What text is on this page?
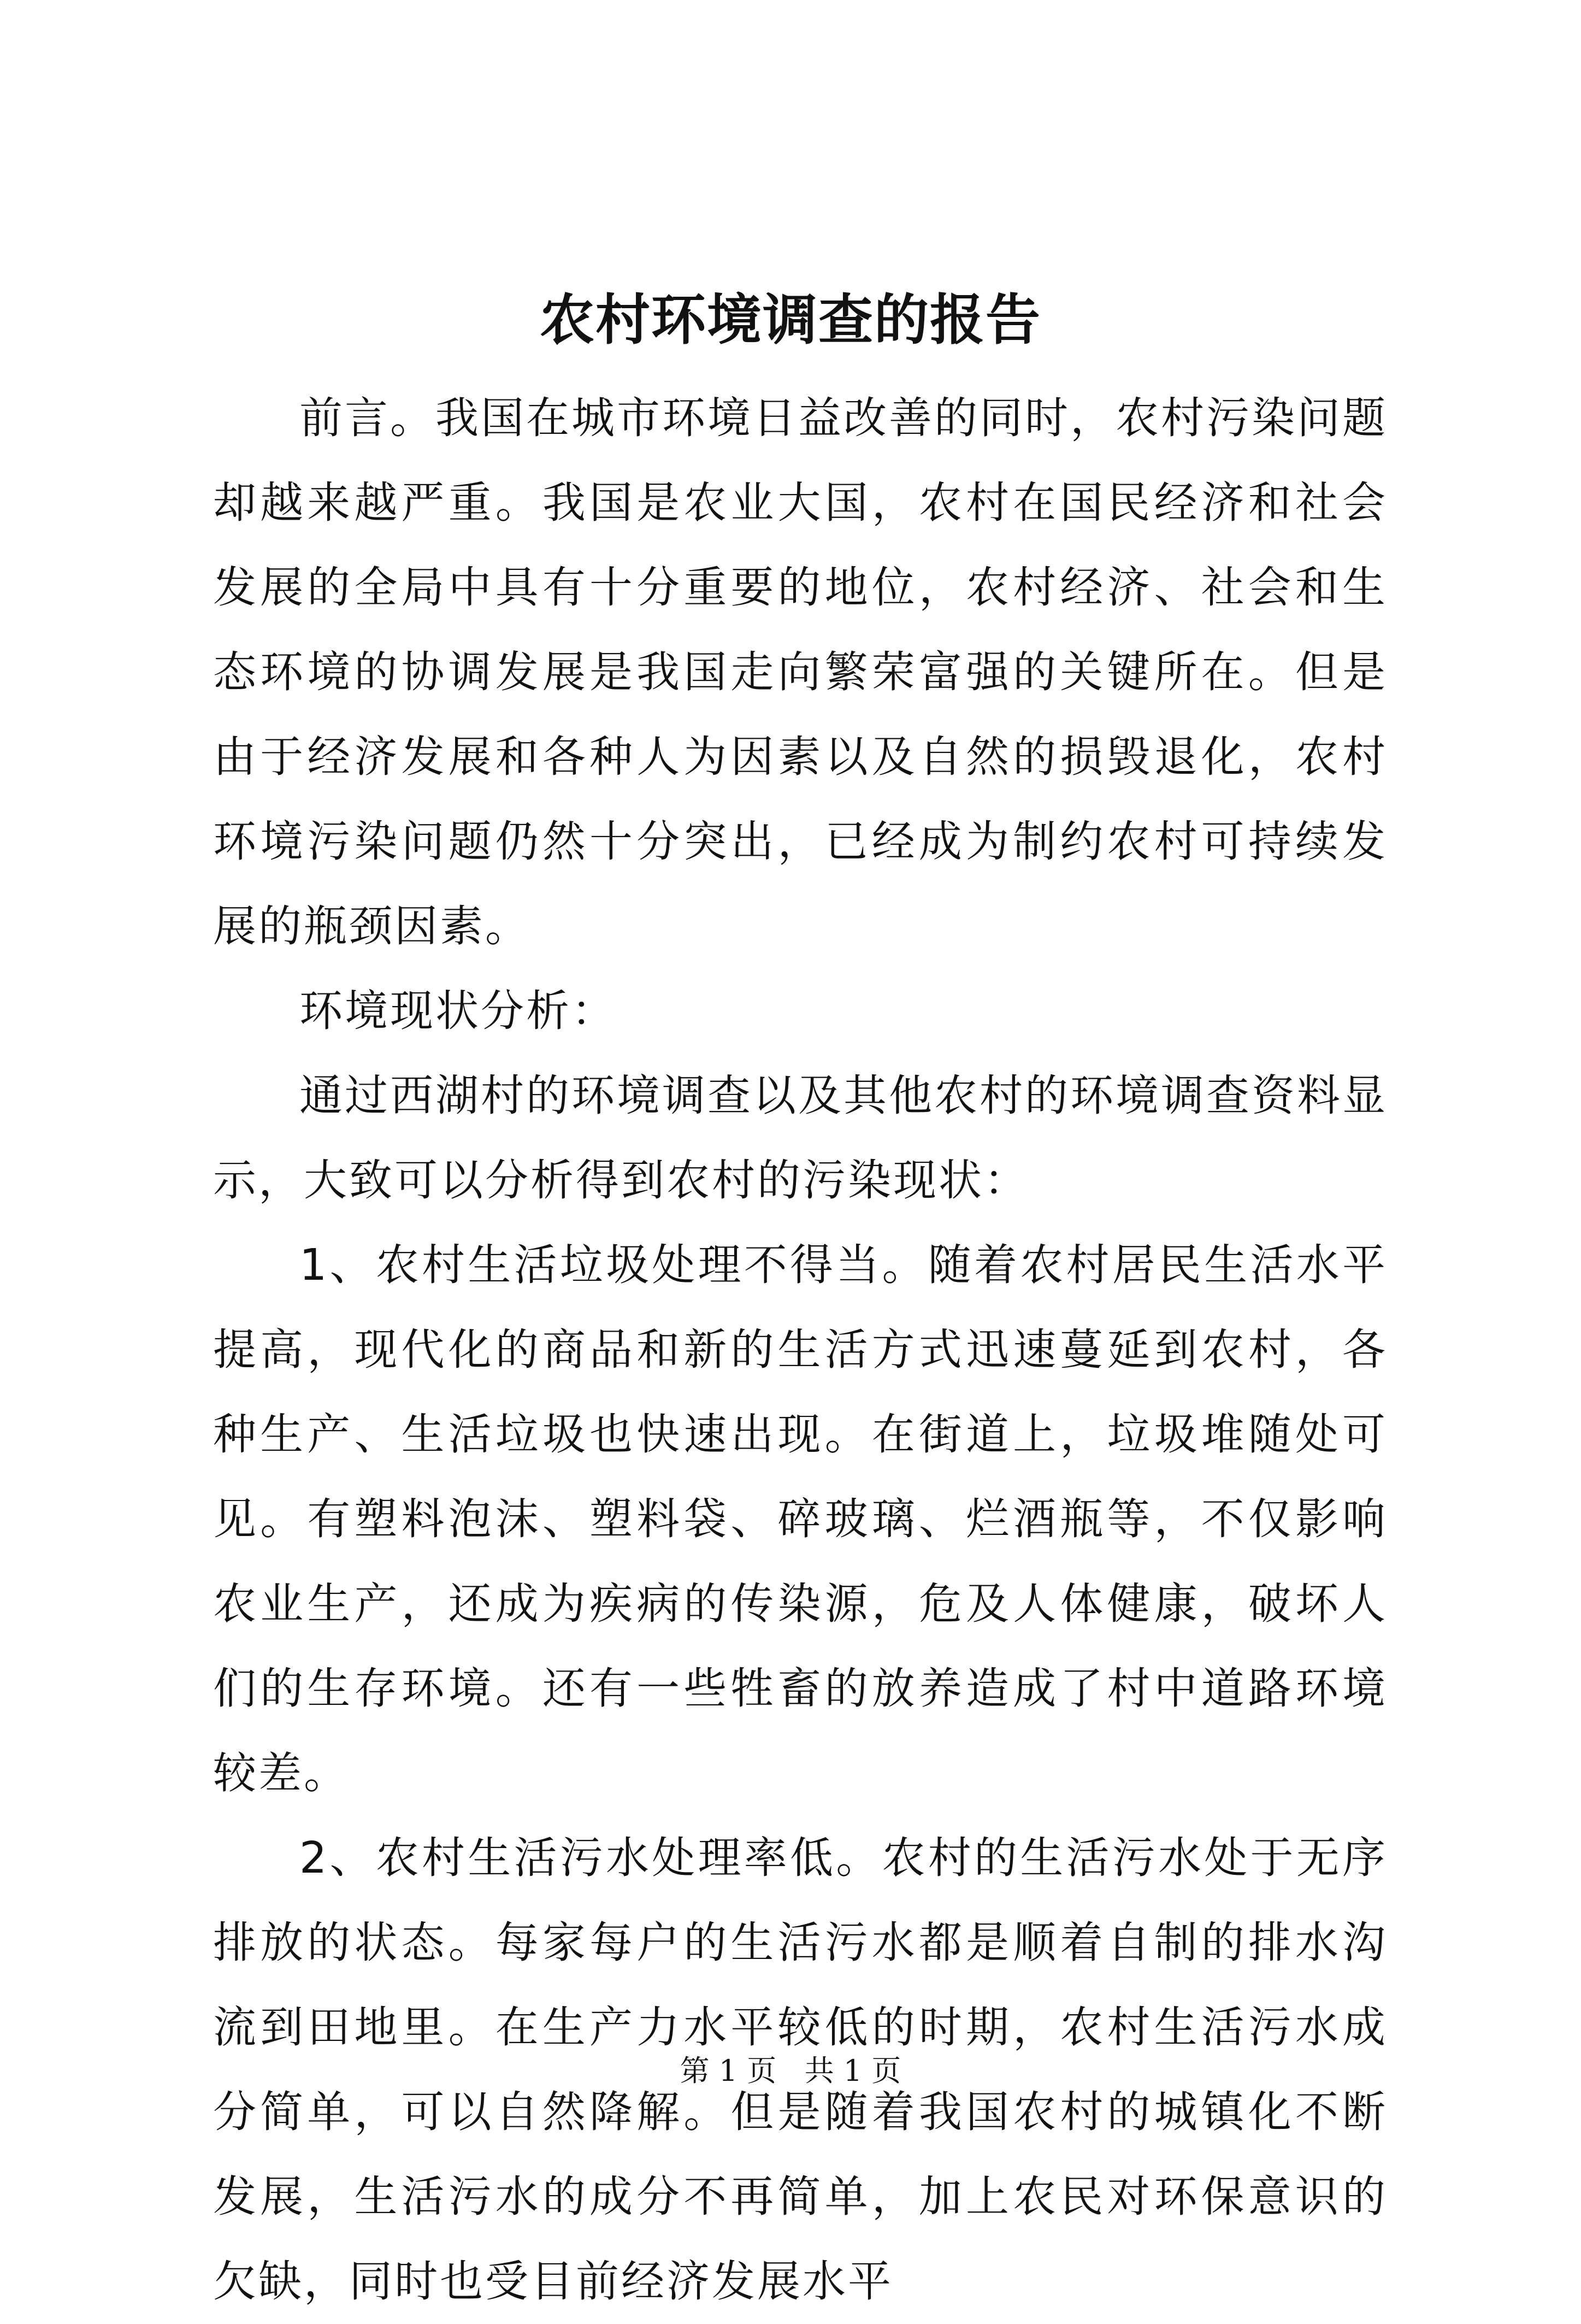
农村环境调查的报告

前言。我国在城市环境日益改善的同时，农村污染问题却越来越严重。我国是农业大国，农村在国民经济和社会发展的全局中具有十分重要的地位，农村经济、社会和生态环境的协调发展是我国走向繁荣富强的关键所在。但是由于经济发展和各种人为因素以及自然的损毁退化，农村环境污染问题仍然十分突出，已经成为制约农村可持续发展的瓶颈因素。

环境现状分析：

通过西湖村的环境调查以及其他农村的环境调查资料显示，大致可以分析得到农村的污染现状：

1、农村生活垃圾处理不得当。随着农村居民生活水平提高，现代化的商品和新的生活方式迅速蔓延到农村，各种生产、生活垃圾也快速出现。在街道上，垃圾堆随处可见。有塑料泡沫、塑料袋、碎玻璃、烂酒瓶等，不仅影响农业生产，还成为疾病的传染源，危及人体健康，破坏人们的生存环境。还有一些牲畜的放养造成了村中道路环境较差。

2、农村生活污水处理率低。农村的生活污水处于无序排放的状态。每家每户的生活污水都是顺着自制的排水沟流到田地里。在生产力水平较低的时期，农村生活污水成分简单，可以自然降解。但是随着我国农村的城镇化不断发展，生活污水的成分不再简单，加上农民对环保意识的欠缺，同时也受目前经济发展水平

第 1 页 共 1 页
